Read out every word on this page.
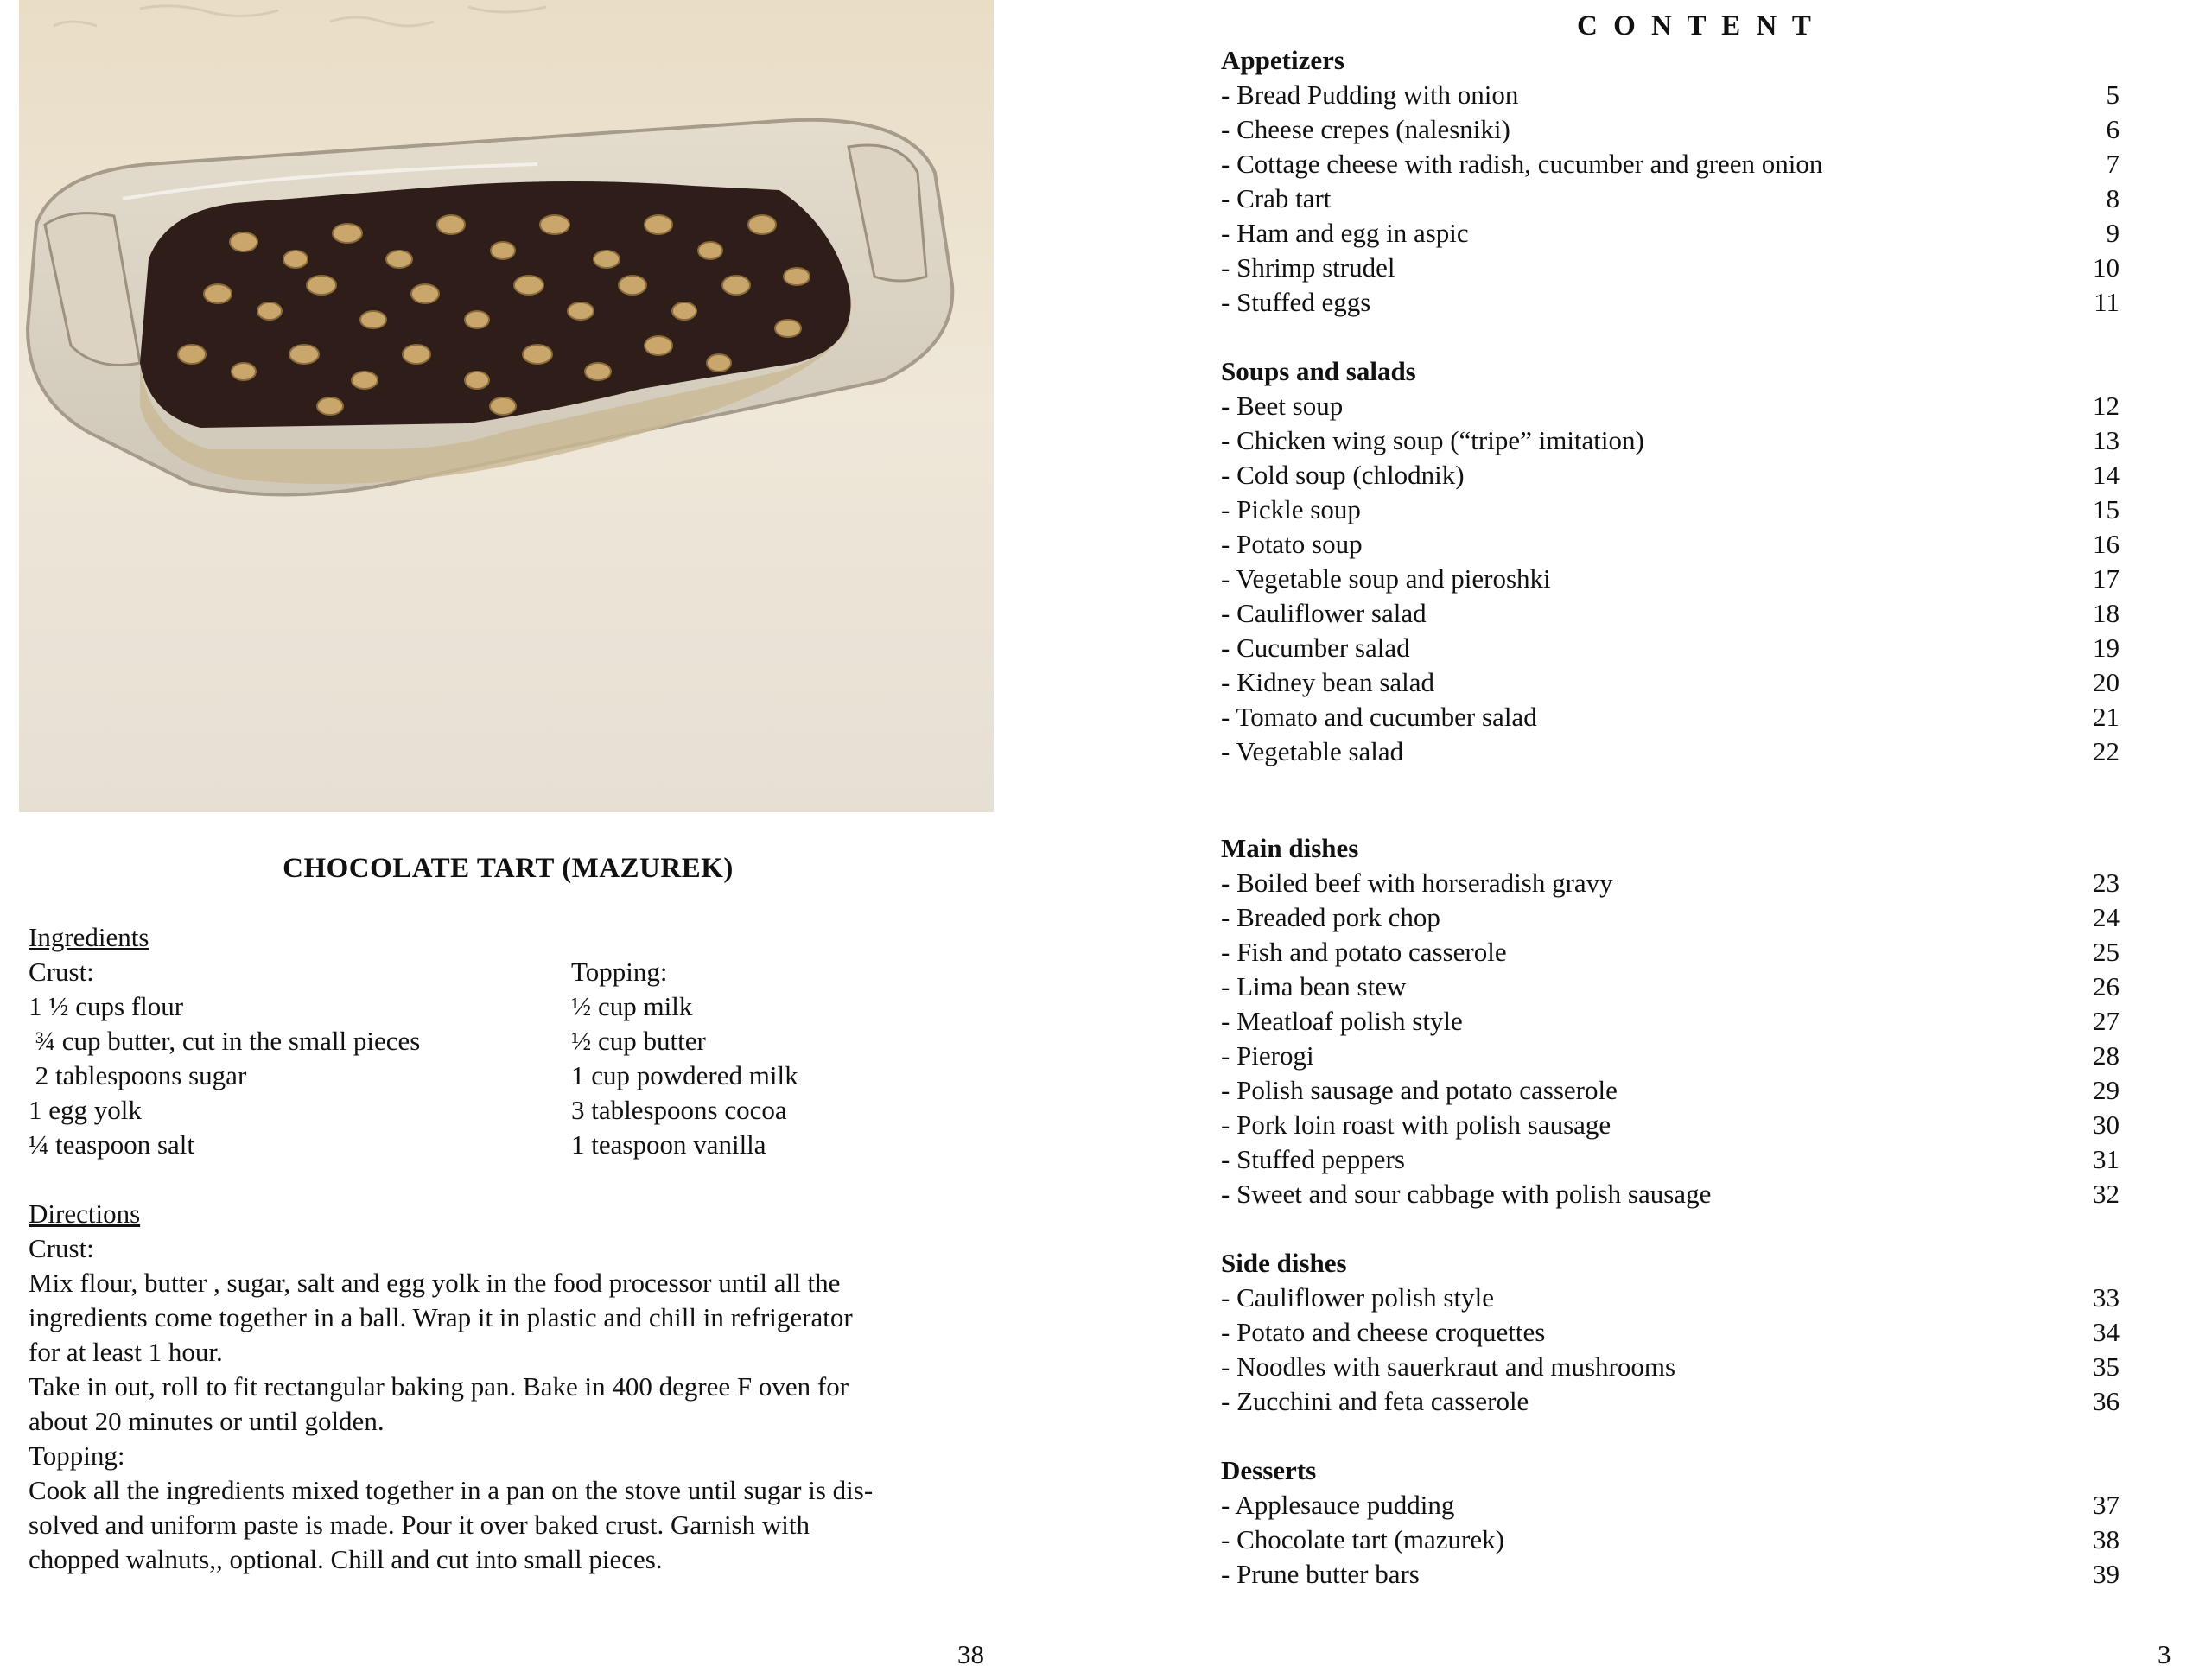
CHOCOLATE TART (MAZUREK)
Ingredients
Crust:
1 ½ cups flour
¾ cup butter, cut in the small pieces
2 tablespoons sugar
1 egg yolk
¼ teaspoon salt
Topping:
½ cup milk
½ cup butter
1 cup powdered milk
3 tablespoons cocoa
1 teaspoon vanilla
Directions
Crust:
Mix flour, butter , sugar, salt and egg yolk in the food processor until all the
ingredients come together in a ball. Wrap it in plastic and chill in refrigerator
for at least 1 hour.
Take in out, roll to fit rectangular baking pan. Bake in 400 degree F oven for
about 20 minutes or until golden.
Topping:
Cook all the ingredients mixed together in a pan on the stove until sugar is dis-
solved and uniform paste is made. Pour it over baked crust. Garnish with
chopped walnuts,, optional. Chill and cut into small pieces.
38
C O N T E N T
Appetizers
- Bread Pudding with onion	5
- Cheese crepes (nalesniki)	6
- Cottage cheese with radish, cucumber and green onion	7
- Crab tart	8
- Ham and egg in aspic	9
- Shrimp strudel	10
- Stuffed eggs	11
Soups and salads
- Beet soup	12
- Chicken wing soup (“tripe” imitation)	13
- Cold soup (chlodnik)	14
- Pickle soup	15
- Potato soup	16
- Vegetable soup and pieroshki	17
- Cauliflower salad	18
- Cucumber salad	19
- Kidney bean salad	20
- Tomato and cucumber salad	21
- Vegetable salad	22
Main dishes
- Boiled beef with horseradish gravy	23
- Breaded pork chop	24
- Fish and potato casserole	25
- Lima bean stew	26
- Meatloaf polish style	27
- Pierogi	28
- Polish sausage and potato casserole	29
- Pork loin roast with polish sausage	30
- Stuffed peppers	31
- Sweet and sour cabbage with polish sausage	32
Side dishes
- Cauliflower polish style	33
- Potato and cheese croquettes	34
- Noodles with sauerkraut and mushrooms	35
- Zucchini and feta casserole	36
Desserts
- Applesauce pudding	37
- Chocolate tart (mazurek)	38
- Prune butter bars	39
3
